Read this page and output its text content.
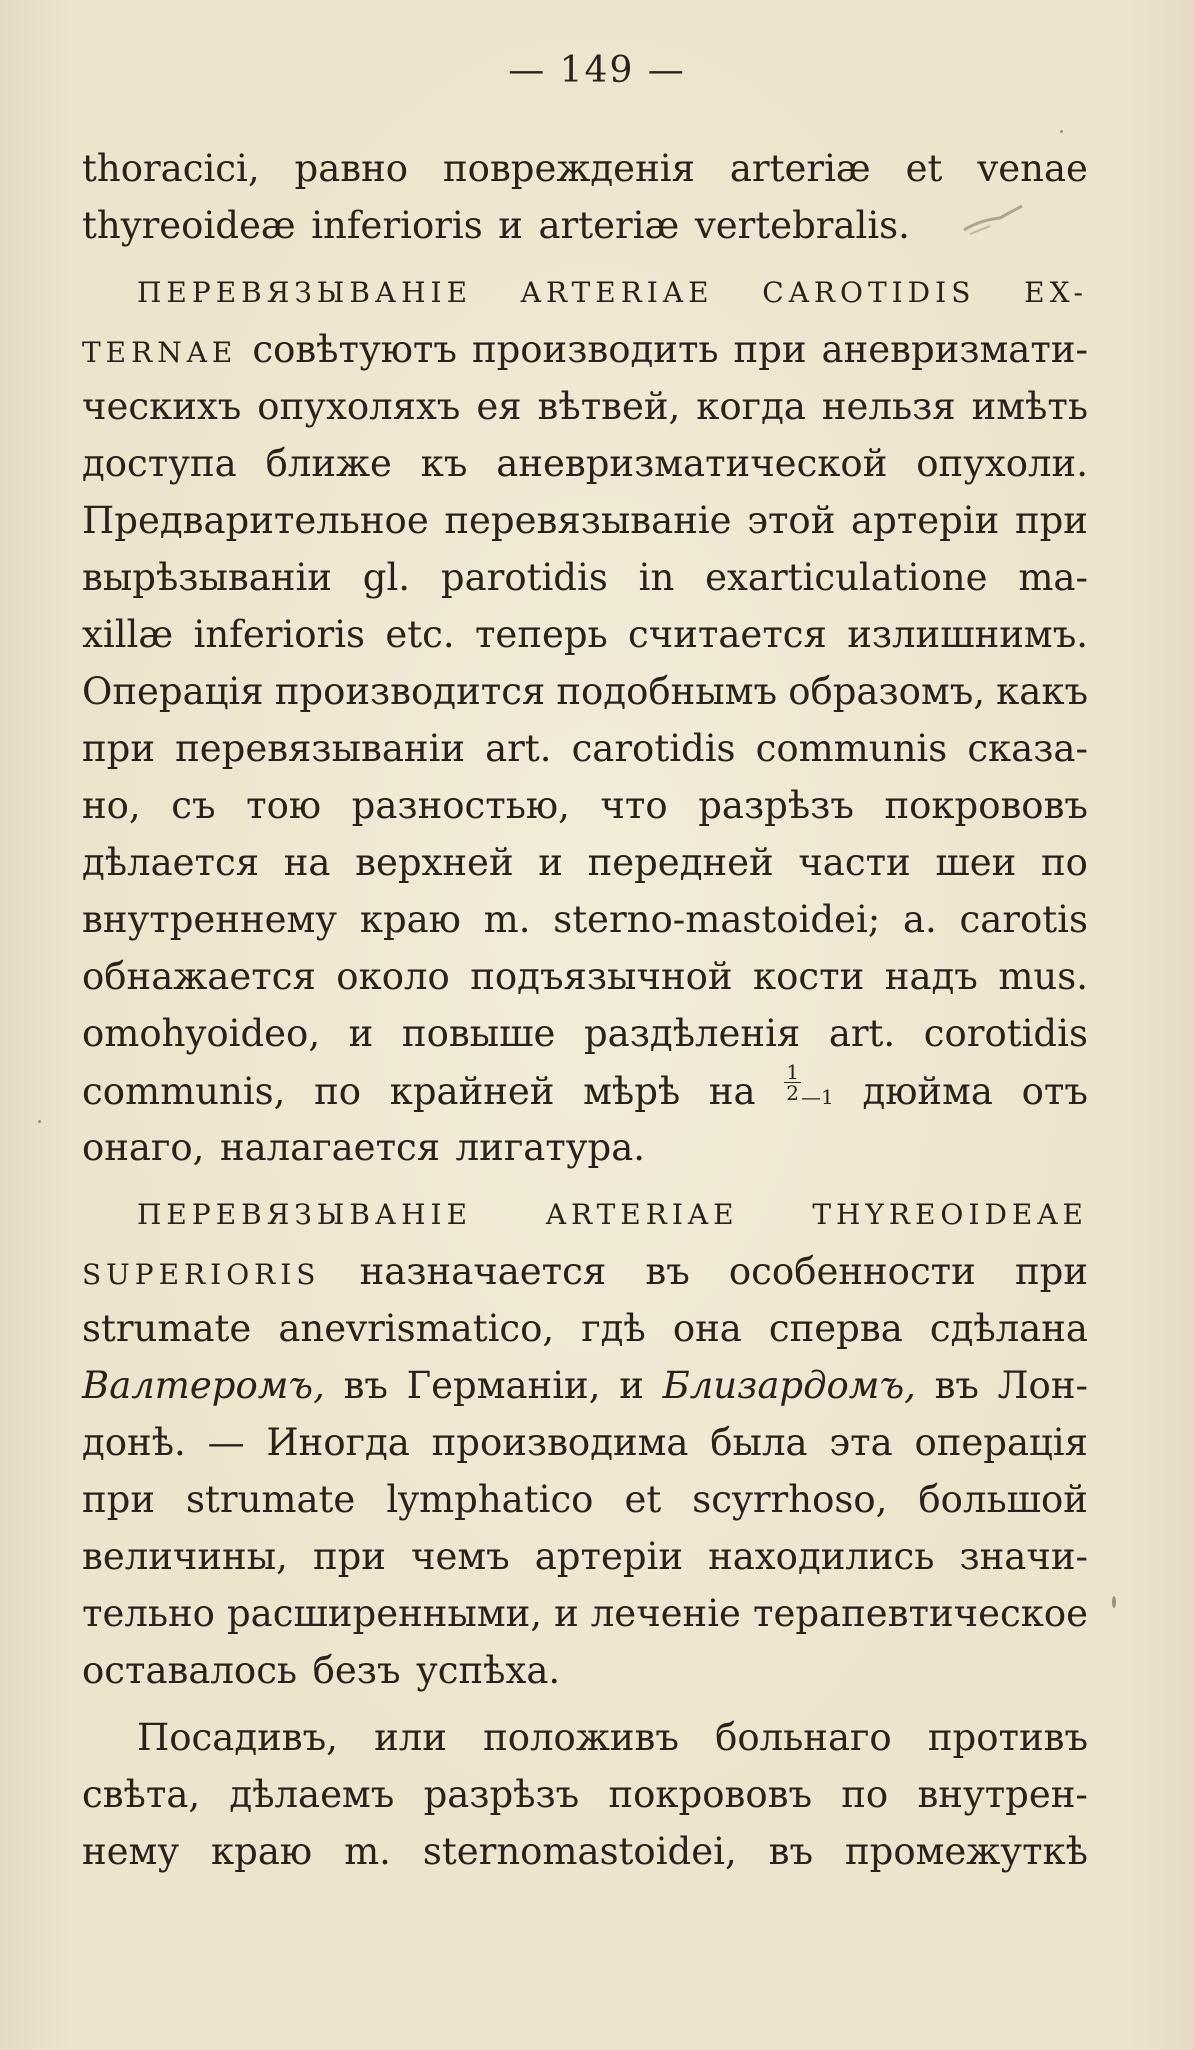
— 149 —
thoracici, равно поврежденія arteriæ et venae
thyreoideæ inferioris и arteriæ vertebralis.
ПЕРЕВЯЗЫВАНІЕ ARTERIAE CAROTIDIS EX-
TERNAE совѣтуютъ производить при аневризмати-
ческихъ опухоляхъ ея вѣтвей, когда нельзя имѣть
доступа ближе къ аневризматической опухоли.
Предварительное перевязываніе этой артеріи при
вырѣзываніи gl. parotidis in exarticulatione ma-
xillæ inferioris etc. теперь считается излишнимъ.
Операція производится подобнымъ образомъ, какъ
при перевязываніи art. carotidis communis сказа-
но, съ тою разностью, что разрѣзъ покрововъ
дѣлается на верхней и передней части шеи по
внутреннему краю m. sterno-mastoidei; a. carotis
обнажается около подъязычной кости надъ mus.
omohyoideo, и повыше раздѣленія art. corotidis
communis, по крайней мѣрѣ на $\frac{1}{2}$ —1 дюйма отъ
онаго, налагается лигатура.
ПЕРЕВЯЗЫВАНІЕ	ARTERIAE	THYREOIDEAE
SUPERIORIS назначается въ особенности при
strumate anevrismatico, гдѣ она сперва сдѣлана
Валтеромъ, въ Германіи, и Близардомъ, въ Лон-
донѣ. — Иногда производима была эта операція
при strumate lymphatico et scyrrhoso, большой
величины, при чемъ артеріи находились значи-
тельно расширенными, и леченіе терапевтическое
оставалось безъ успѣха.
Посадивъ, или положивъ больнаго противъ
свѣта, дѣлаемъ разрѣзъ покрововъ по внутрен-
нему краю m. sternomastoidei, въ промежуткѣ
